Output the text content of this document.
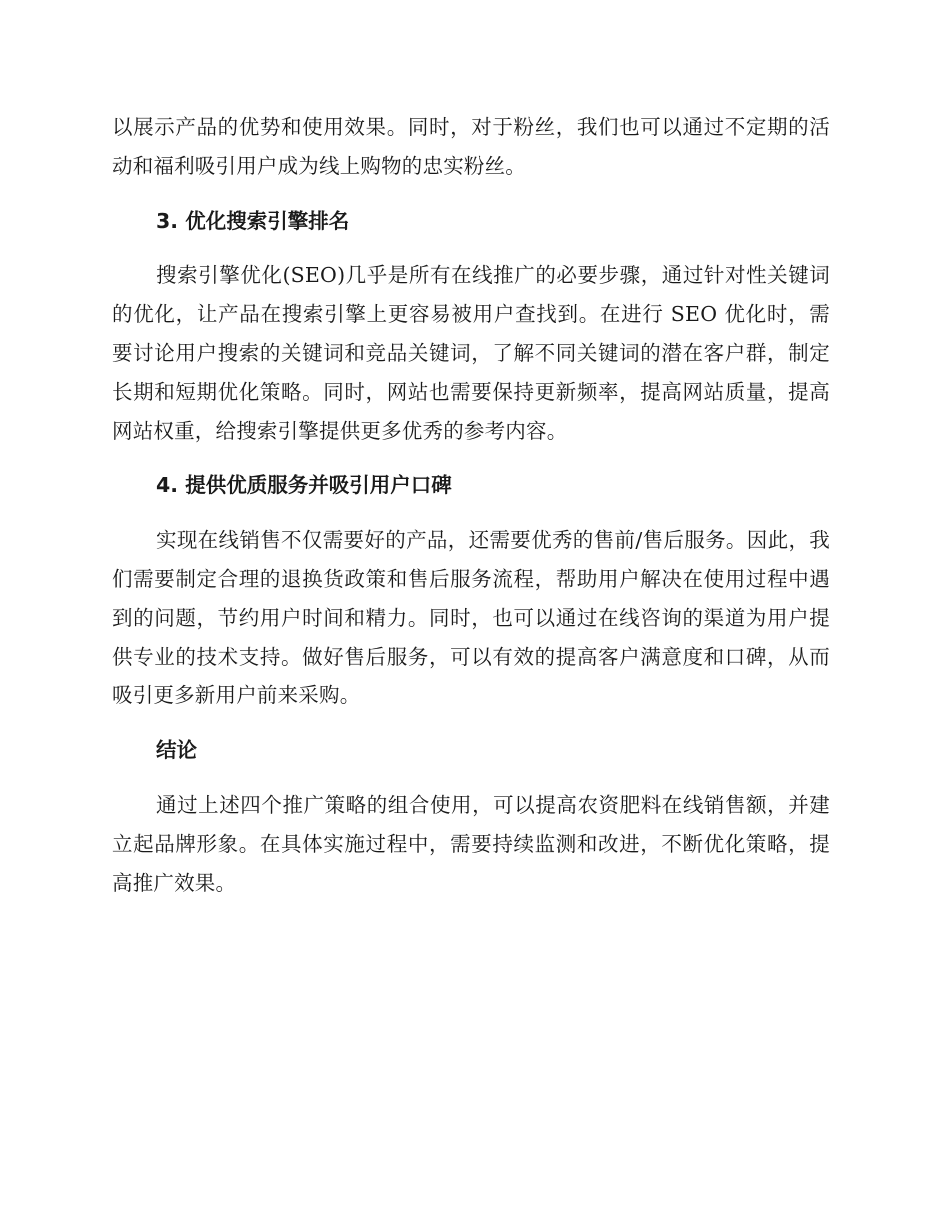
以展示产品的优势和使用效果。同时，对于粉丝，我们也可以通过不定期的活动和福利吸引用户成为线上购物的忠实粉丝。

3. 优化搜索引擎排名

搜索引擎优化(SEO)几乎是所有在线推广的必要步骤，通过针对性关键词的优化，让产品在搜索引擎上更容易被用户查找到。在进行 SEO 优化时，需要讨论用户搜索的关键词和竞品关键词，了解不同关键词的潜在客户群，制定长期和短期优化策略。同时，网站也需要保持更新频率，提高网站质量，提高网站权重，给搜索引擎提供更多优秀的参考内容。

4. 提供优质服务并吸引用户口碑

实现在线销售不仅需要好的产品，还需要优秀的售前/售后服务。因此，我们需要制定合理的退换货政策和售后服务流程，帮助用户解决在使用过程中遇到的问题，节约用户时间和精力。同时，也可以通过在线咨询的渠道为用户提供专业的技术支持。做好售后服务，可以有效的提高客户满意度和口碑，从而吸引更多新用户前来采购。

结论

通过上述四个推广策略的组合使用，可以提高农资肥料在线销售额，并建立起品牌形象。在具体实施过程中，需要持续监测和改进，不断优化策略，提高推广效果。
